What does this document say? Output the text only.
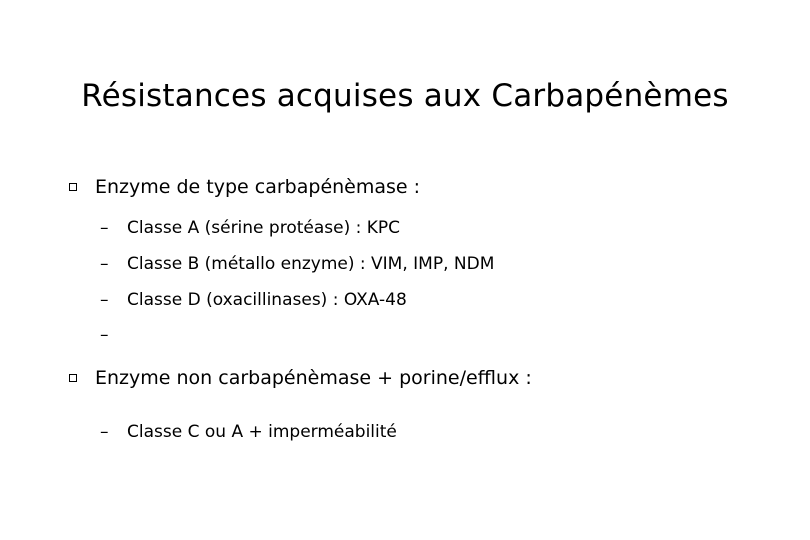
Résistances acquises aux Carbapénèmes
Enzyme de type carbapénèmase :
– Classe A (sérine protéase) : KPC
– Classe B (métallo enzyme) : VIM, IMP, NDM
– Classe D (oxacillinases) : OXA-48
–
Enzyme non carbapénèmase + porine/efflux :
– Classe C ou A + imperméabilité
